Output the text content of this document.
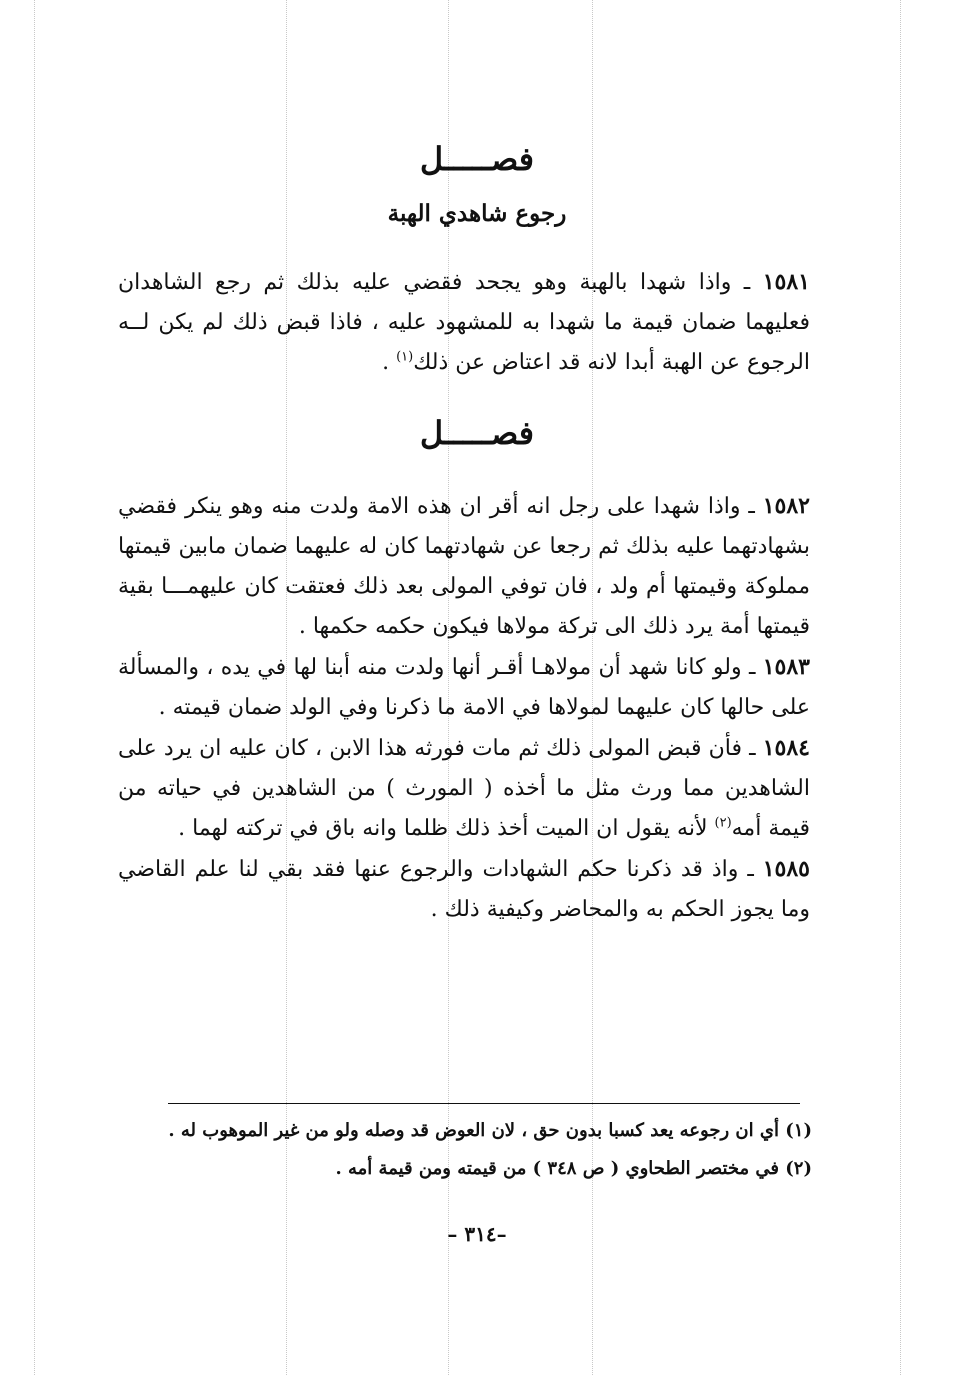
فصـــــل
رجوع شاهدي الهبة

١٥٨١ ـ واذا شهدا بالهبة وهو يجحد فقضي عليه بذلك ثم رجع الشاهدان فعليهما ضمان قيمة ما شهدا به للمشهود عليه ، فاذا قبض ذلك لم يكن لــه الرجوع عن الهبة أبدا لانه قد اعتاض عن ذلك$^{(١)}$ .

فصـــــل

١٥٨٢ ـ واذا شهدا على رجل انه أقر ان هذه الامة ولدت منه وهو ينكر فقضي بشهادتهما عليه بذلك ثم رجعا عن شهادتهما كان له عليهما ضمان مابين قيمتها مملوكة وقيمتها أم ولد ، فان توفي المولى بعد ذلك فعتقت كان عليهمـــا بقية قيمتها أمة يرد ذلك الى تركة مولاها فيكون حكمه حكمها .

١٥٨٣ ـ ولو كانا شهد أن مولاهـا أقـر أنها ولدت منه أبنا لها في يده ، والمسألة على حالها كان عليهما لمولاها في الامة ما ذكرنا وفي الولد ضمان قيمته .

١٥٨٤ ـ فأن قبض المولى ذلك ثم مات فورثه هذا الابن ، كان عليه ان يرد على الشاهدين مما ورث مثل ما أخذه ( المورث ) من الشاهدين في حياته من قيمة أمه$^{(٢)}$ لأنه يقول ان الميت أخذ ذلك ظلما وانه باق في تركته لهما .

١٥٨٥ ـ واذ قد ذكرنا حكم الشهادات والرجوع عنها فقد بقي لنا علم القاضي وما يجوز الحكم به والمحاضر وكيفية ذلك .

(١) أي ان رجوعه يعد كسبا بدون حق ، لان العوض قد وصله ولو من غير الموهوب له .

(٢) في مختصر الطحاوي ( ص ٣٤٨ ) من قيمته ومن قيمة أمه .

–٣١٤ –
